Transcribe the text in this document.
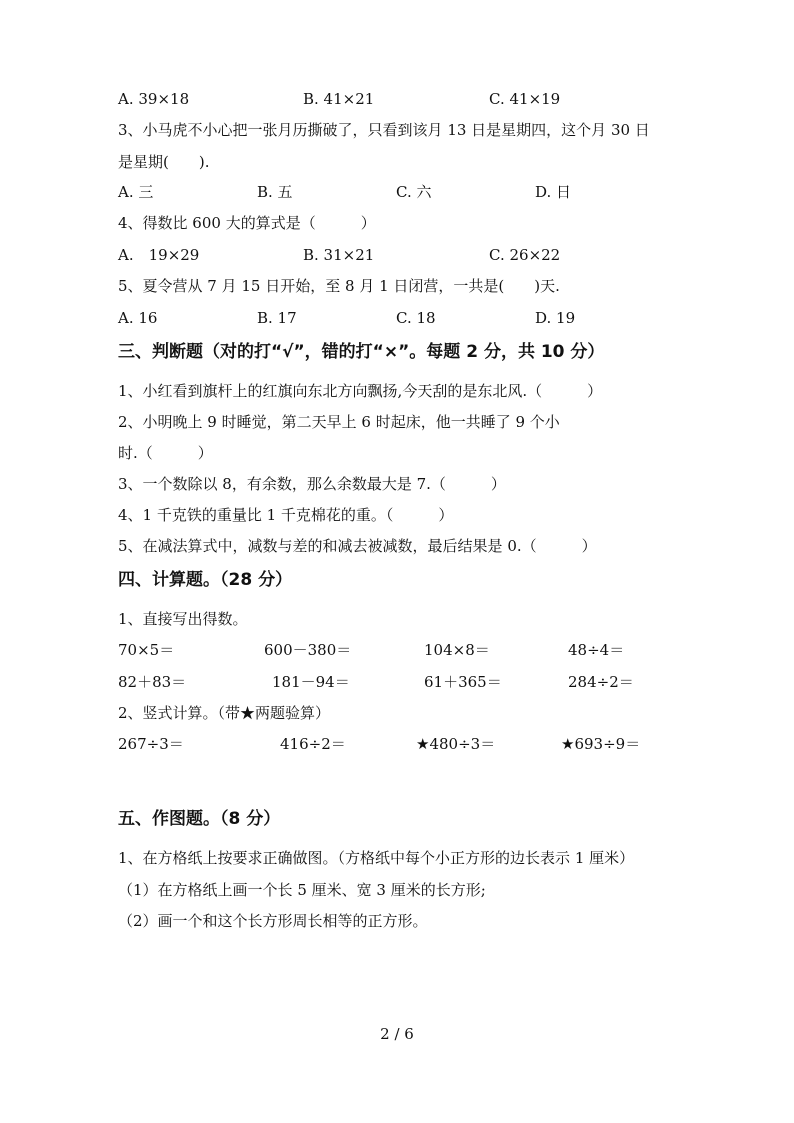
A. 39×18	B. 41×21	C. 41×19
3、小马虎不小心把一张月历撕破了，只看到该月 13 日是星期四，这个月 30 日
是星期(　　).
A. 三	B. 五	C. 六	D. 日
4、得数比 600 大的算式是（　　　）
A.　19×29	B. 31×21	C. 26×22
5、夏令营从 7 月 15 日开始，至 8 月 1 日闭营，一共是(　　)天.
A. 16	B. 17	C. 18	D. 19
三、判断题（对的打“√”，错的打“×”。每题 2 分，共 10 分）
1、小红看到旗杆上的红旗向东北方向飘扬,今天刮的是东北风.（　　　）
2、小明晚上 9 时睡觉，第二天早上 6 时起床，他一共睡了 9 个小
时.（　　　）
3、一个数除以 8，有余数，那么余数最大是 7.（　　　）
4、1 千克铁的重量比 1 千克棉花的重。（　　　）
5、在减法算式中，减数与差的和减去被减数，最后结果是 0.（　　　）
四、计算题。（28 分）
1、直接写出得数。
70×5＝	600－380＝	104×8＝	48÷4＝
82＋83＝	181－94＝	61＋365＝	284÷2＝
2、竖式计算。（带★两题验算）
267÷3＝	416÷2＝	★480÷3＝	★693÷9＝
五、作图题。（8 分）
1、在方格纸上按要求正确做图。（方格纸中每个小正方形的边长表示 1 厘米）
（1）在方格纸上画一个长 5 厘米、宽 3 厘米的长方形;
（2）画一个和这个长方形周长相等的正方形。
2 / 6
